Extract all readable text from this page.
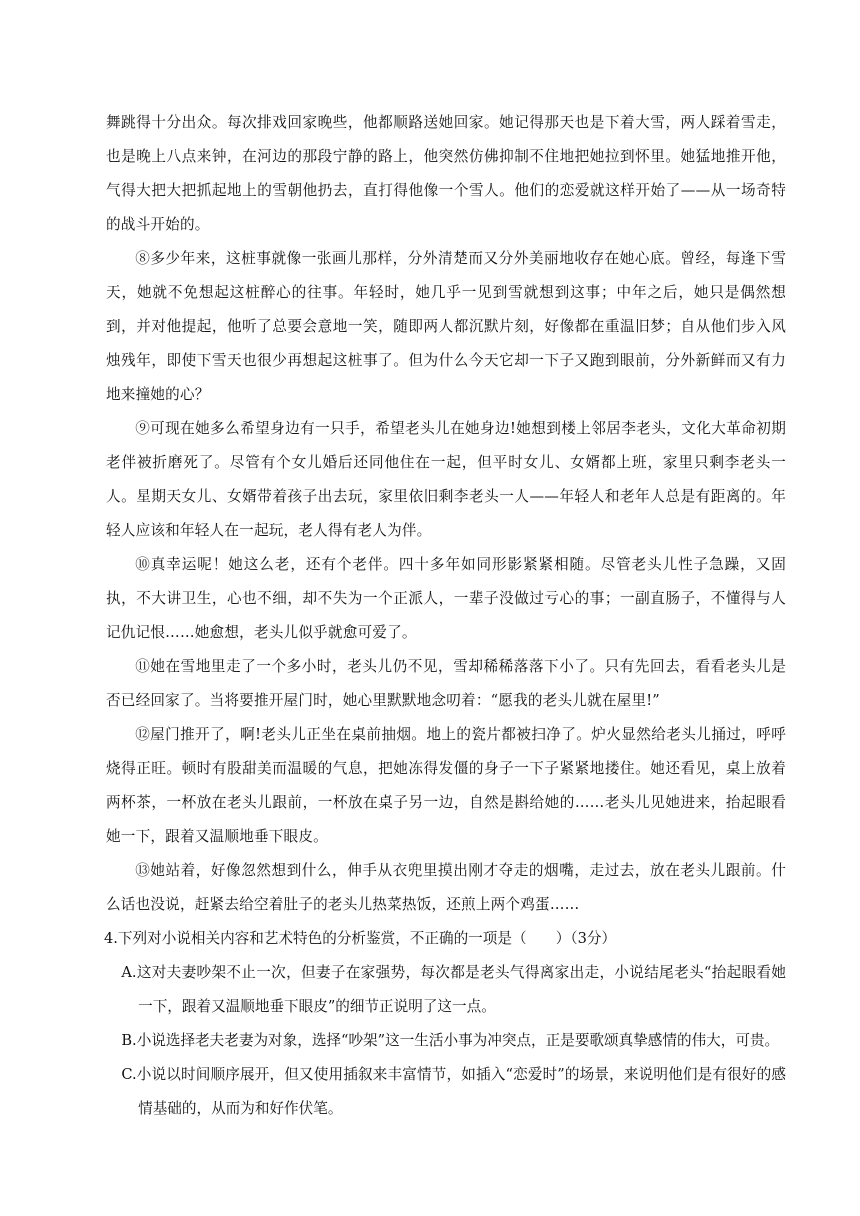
舞跳得十分出众。每次排戏回家晚些，他都顺路送她回家。她记得那天也是下着大雪，两人踩着雪走，也是晚上八点来钟，在河边的那段宁静的路上，他突然仿佛抑制不住地把她拉到怀里。她猛地推开他，气得大把大把抓起地上的雪朝他扔去，直打得他像一个雪人。他们的恋爱就这样开始了——从一场奇特的战斗开始的。

⑧多少年来，这桩事就像一张画儿那样，分外清楚而又分外美丽地收存在她心底。曾经，每逢下雪天，她就不免想起这桩醉心的往事。年轻时，她几乎一见到雪就想到这事；中年之后，她只是偶然想到，并对他提起，他听了总要会意地一笑，随即两人都沉默片刻，好像都在重温旧梦；自从他们步入风烛残年，即使下雪天也很少再想起这桩事了。但为什么今天它却一下子又跑到眼前，分外新鲜而又有力地来撞她的心？

⑨可现在她多么希望身边有一只手，希望老头儿在她身边!她想到楼上邻居李老头，文化大革命初期老伴被折磨死了。尽管有个女儿婚后还同他住在一起，但平时女儿、女婿都上班，家里只剩李老头一人。星期天女儿、女婿带着孩子出去玩，家里依旧剩李老头一人——年轻人和老年人总是有距离的。年轻人应该和年轻人在一起玩，老人得有老人为伴。

⑩真幸运呢！她这么老，还有个老伴。四十多年如同形影紧紧相随。尽管老头儿性子急躁，又固执，不大讲卫生，心也不细，却不失为一个正派人，一辈子没做过亏心的事；一副直肠子，不懂得与人记仇记恨……她愈想，老头儿似乎就愈可爱了。

⑪她在雪地里走了一个多小时，老头儿仍不见，雪却稀稀落落下小了。只有先回去，看看老头儿是否已经回家了。当将要推开屋门时，她心里默默地念叨着：“愿我的老头儿就在屋里!”

⑫屋门推开了，啊!老头儿正坐在桌前抽烟。地上的瓷片都被扫净了。炉火显然给老头儿捅过，呼呼烧得正旺。顿时有股甜美而温暖的气息，把她冻得发僵的身子一下子紧紧地搂住。她还看见，桌上放着两杯茶，一杯放在老头儿跟前，一杯放在桌子另一边，自然是斟给她的……老头儿见她进来，抬起眼看她一下，跟着又温顺地垂下眼皮。

⑬她站着，好像忽然想到什么，伸手从衣兜里摸出刚才夺走的烟嘴，走过去，放在老头儿跟前。什么话也没说，赶紧去给空着肚子的老头儿热菜热饭，还煎上两个鸡蛋……

4.下列对小说相关内容和艺术特色的分析鉴赏，不正确的一项是（　　）（3分）

A.这对夫妻吵架不止一次，但妻子在家强势，每次都是老头气得离家出走，小说结尾老头“抬起眼看她一下，跟着又温顺地垂下眼皮”的细节正说明了这一点。

B.小说选择老夫老妻为对象，选择“吵架”这一生活小事为冲突点，正是要歌颂真挚感情的伟大，可贵。

C.小说以时间顺序展开，但又使用插叙来丰富情节，如插入“恋爱时”的场景，来说明他们是有很好的感情基础的，从而为和好作伏笔。
